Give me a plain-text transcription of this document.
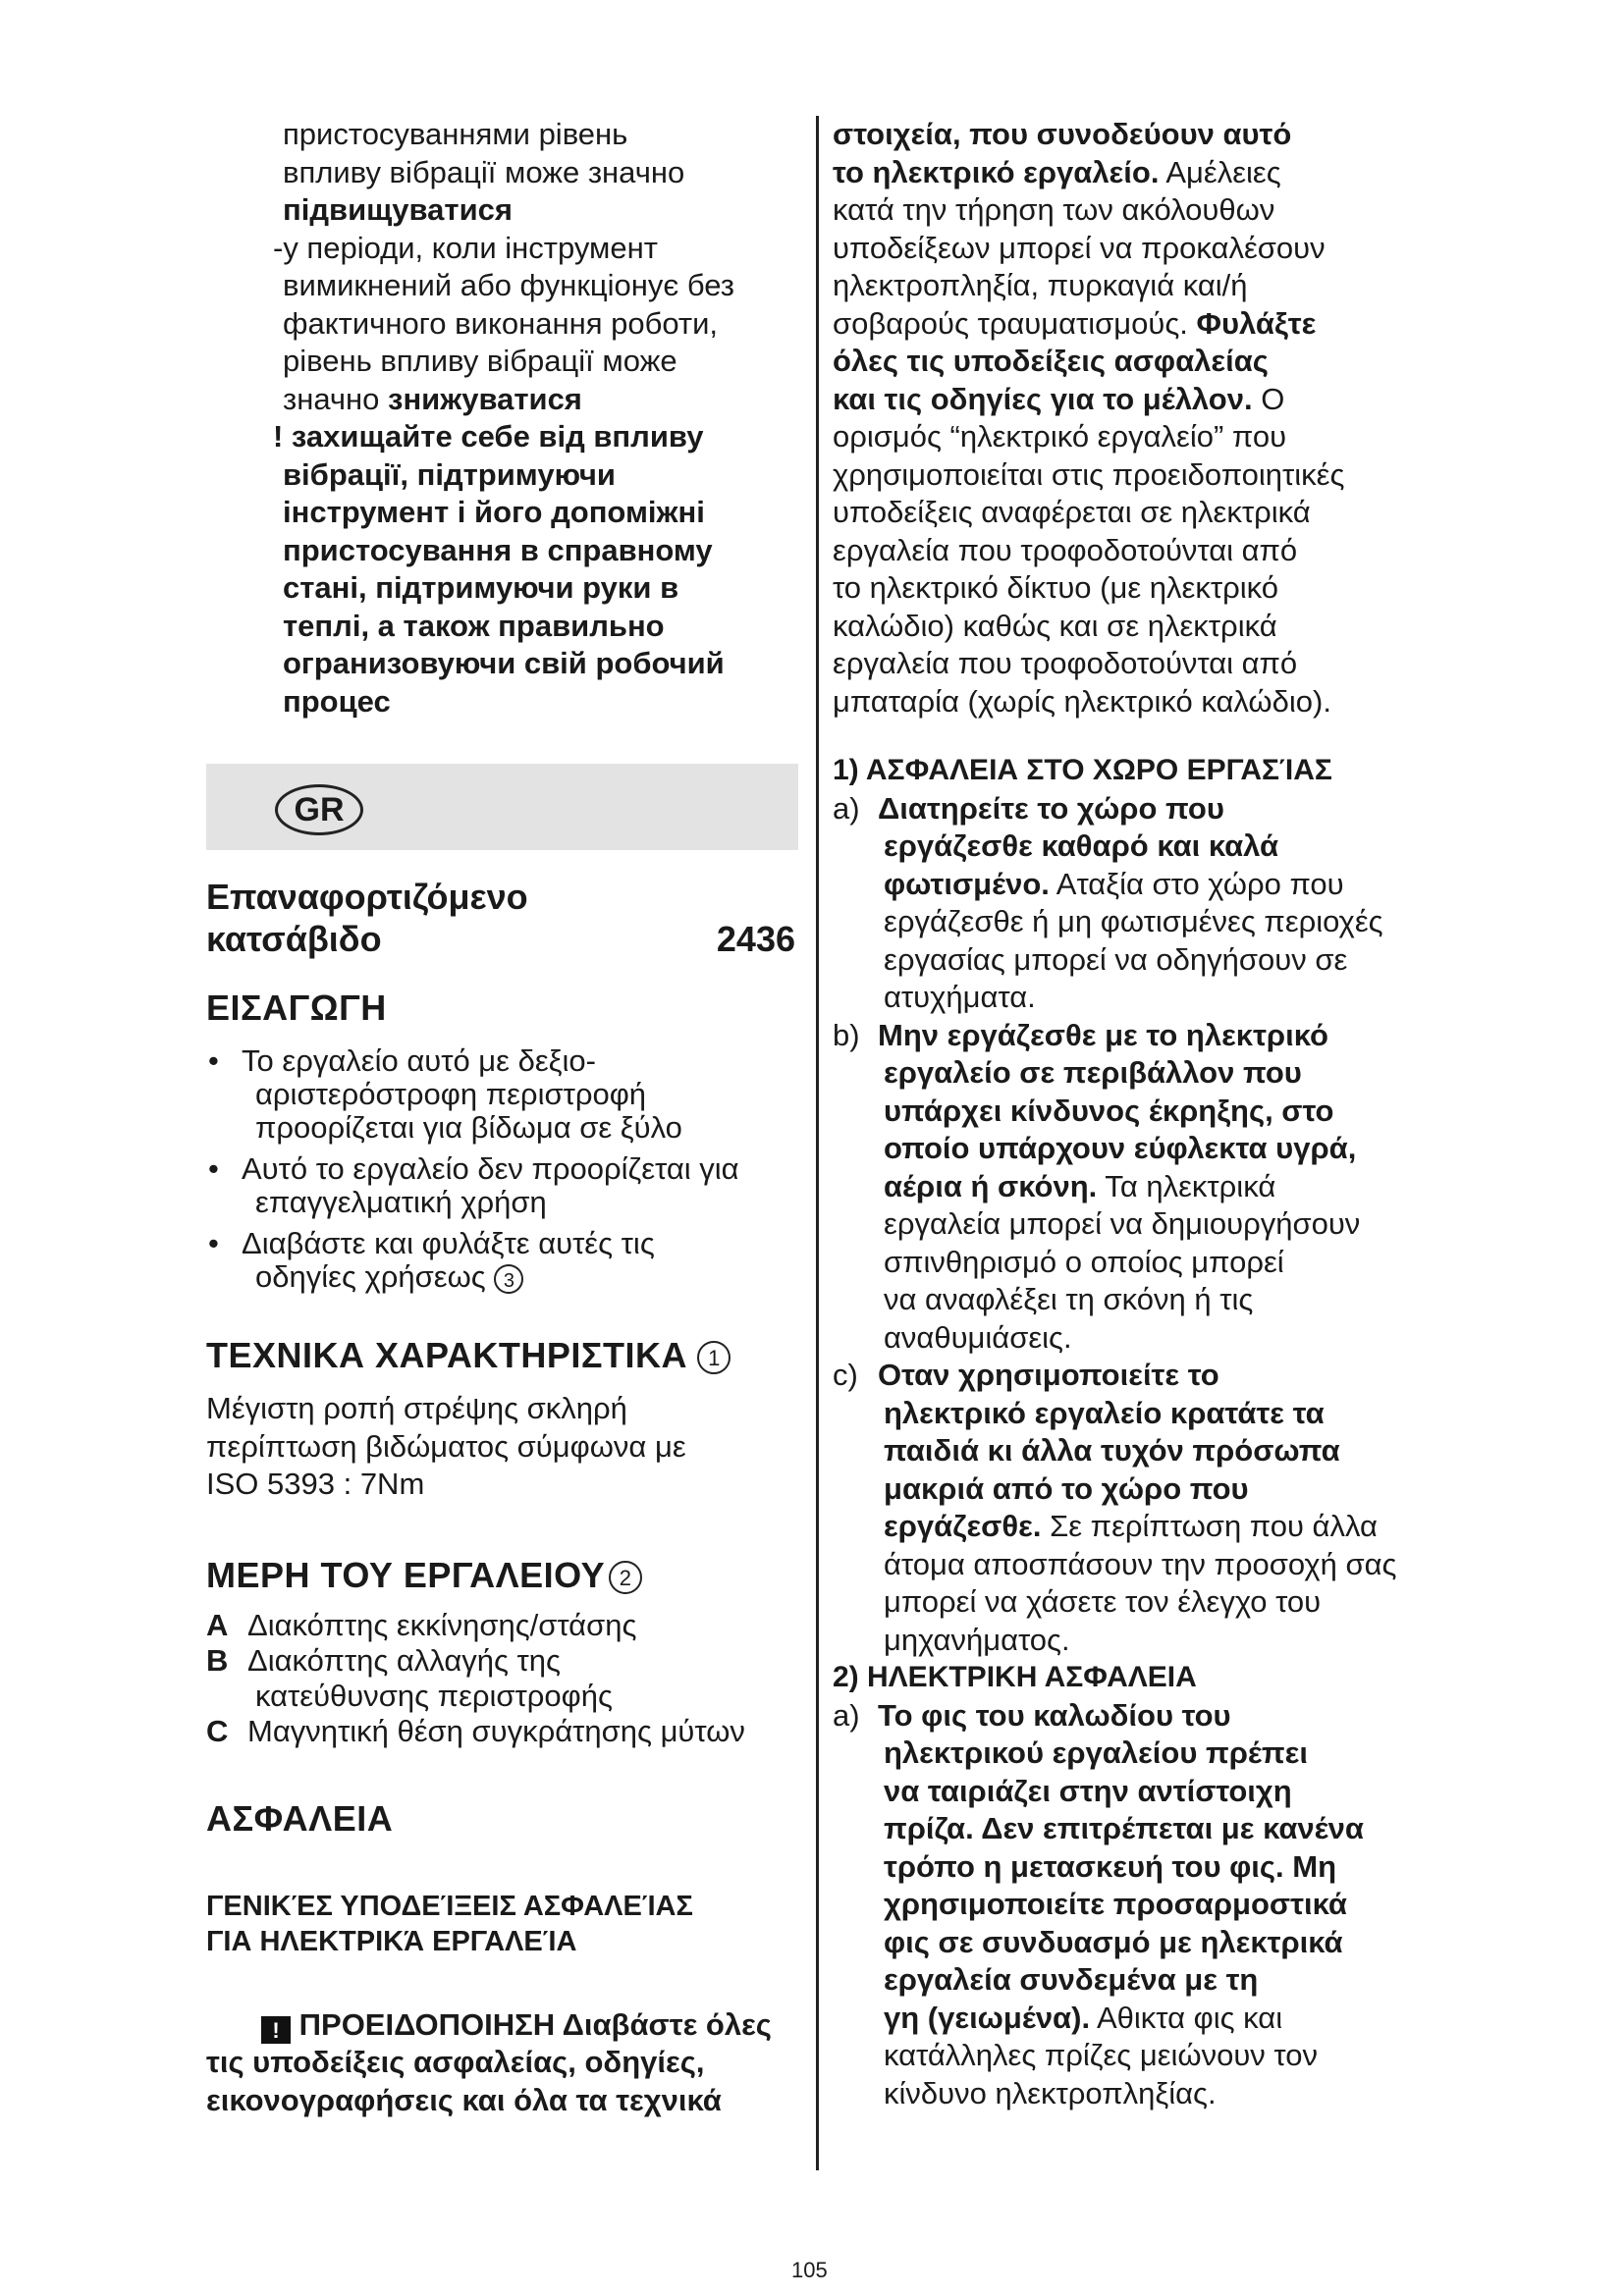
пристосуваннями рівень

впливу вібрації може значно

підвищуватися

-у періоди, коли інструмент

вимикнений або функціонує без

фактичного виконання роботи,

рівень впливу вібрації може

значно знижуватися

! захищайте себе від впливу

вібрації, підтримуючи

інструмент і його допоміжні

пристосування в справному

стані, підтримуючи руки в

теплі, а також правильно

огранизовуючи свій робочий

процес

GR

Επαναφορτιζόμενο

κατσάβιδο	2436

ΕΙΣΑΓΩΓΗ

• Το εργαλείο αυτό με δεξιο-
αριστερόστροφη περιστροφή
προορίζεται για βίδωμα σε ξύλο
• Αυτό το εργαλείο δεν προορίζεται για
επαγγελματική χρήση
• Διαβάστε και φυλάξτε αυτές τις
οδηγίες χρήσεως 3

ΤΕΧΝΙΚΑ ΧΑΡΑΚΤΗΡΙΣΤΙΚΑ 1

Μέγιστη ροπή στρέψης σκληρή

περίπτωση βιδώματος σύμφωνα με

ISO 5393 : 7Nm

ΜΕΡΗ ΤΟΥ ΕΡΓΑΛΕΙΟΥ 2

A Διακόπτης εκκίνησης/στάσης
B Διακόπτης αλλαγής της
κατεύθυνσης περιστροφής
C Μαγνητική θέση συγκράτησης μύτων

ΑΣΦΑΛΕΙΑ

ΓΕΝΙΚΈΣ ΥΠΟΔΕΊΞΕΙΣ ΑΣΦΑΛΕΊΑΣ
ΓΙΑ ΗΛΕΚΤΡΙΚΆ ΕΡΓΑΛΕΊΑ
! ΠΡΟΕΙΔΟΠΟΙΗΣΗ Διαβάστε όλες
τις υποδείξεις ασφαλείας, οδηγίες,
εικονογραφήσεις και όλα τα τεχνικά

στοιχεία, που συνοδεύουν αυτό

το ηλεκτρικό εργαλείο. Αμέλειες

κατά την τήρηση των ακόλουθων

υποδείξεων μπορεί να προκαλέσουν

ηλεκτροπληξία, πυρκαγιά και/ή

σοβαρούς τραυματισμούς. Φυλάξτε

όλες τις υποδείξεις ασφαλείας

και τις οδηγίες για το μέλλον. Ο

ορισμός “ηλεκτρικό εργαλείο” που

χρησιμοποιείται στις προειδοποιητικές

υποδείξεις αναφέρεται σε ηλεκτρικά

εργαλεία που τροφοδοτούνται από

το ηλεκτρικό δίκτυο (με ηλεκτρικό

καλώδιο) καθώς και σε ηλεκτρικά

εργαλεία που τροφοδοτούνται από

μπαταρία (χωρίς ηλεκτρικό καλώδιο).

1) ΑΣΦΑΛΕΙΑ ΣΤΟ ΧΩΡΟ ΕΡΓΑΣΊΑΣ

a) Διατηρείτε το χώρο που

εργάζεσθε καθαρό και καλά

φωτισμένο. Αταξία στο χώρο που

εργάζεσθε ή μη φωτισμένες περιοχές

εργασίας μπορεί να οδηγήσουν σε

ατυχήματα.

b) Μην εργάζεσθε με το ηλεκτρικό

εργαλείο σε περιβάλλον που

υπάρχει κίνδυνος έκρηξης, στο

οποίο υπάρχουν εύφλεκτα υγρά,

αέρια ή σκόνη. Τα ηλεκτρικά

εργαλεία μπορεί να δημιουργήσουν

σπινθηρισμό ο οποίος μπορεί

να αναφλέξει τη σκόνη ή τις

αναθυμιάσεις.

c) Οταν χρησιμοποιείτε το

ηλεκτρικό εργαλείο κρατάτε τα

παιδιά κι άλλα τυχόν πρόσωπα

μακριά από το χώρο που

εργάζεσθε. Σε περίπτωση που άλλα

άτομα αποσπάσουν την προσοχή σας

μπορεί να χάσετε τον έλεγχο του

μηχανήματος.

2) ΗΛΕΚΤΡΙΚΗ ΑΣΦΑΛΕΙΑ

a) Το φις του καλωδίου του

ηλεκτρικού εργαλείου πρέπει

να ταιριάζει στην αντίστοιχη

πρίζα. Δεν επιτρέπεται με κανένα

τρόπο η μετασκευή του φις. Μη

χρησιμοποιείτε προσαρμοστικά

φις σε συνδυασμό με ηλεκτρικά

εργαλεία συνδεμένα με τη

γη (γειωμένα). Αθικτα φις και

κατάλληλες πρίζες μειώνουν τον

κίνδυνο ηλεκτροπληξίας.

105
